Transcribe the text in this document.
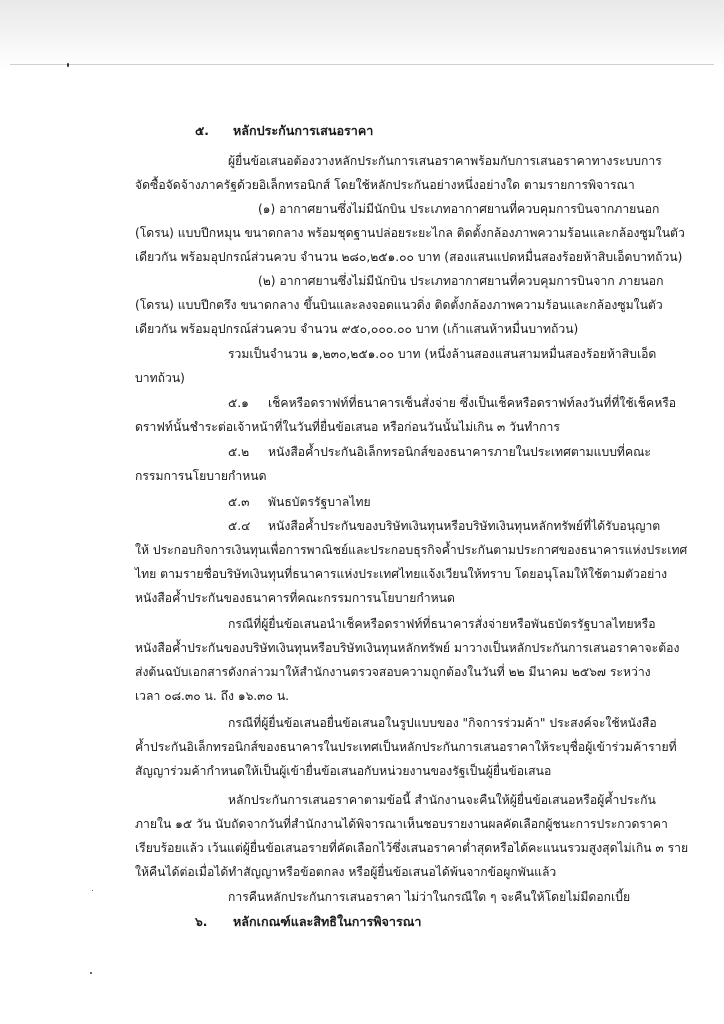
๕. หลักประกันการเสนอราคา
ผู้ยื่นข้อเสนอต้องวางหลักประกันการเสนอราคาพร้อมกับการเสนอราคาทางระบบการ
จัดซื้อจัดจ้างภาครัฐด้วยอิเล็กทรอนิกส์ โดยใช้หลักประกันอย่างหนึ่งอย่างใด ตามรายการพิจารณา
(๑) อากาศยานซึ่งไม่มีนักบิน ประเภทอากาศยานที่ควบคุมการบินจากภายนอก
(โดรน) แบบปีกหมุน ขนาดกลาง พร้อมชุดฐานปล่อยระยะไกล ติดตั้งกล้องภาพความร้อนและกล้องซูมในตัว
เดียวกัน พร้อมอุปกรณ์ส่วนควบ จำนวน ๒๘๐,๒๕๑.๐๐ บาท (สองแสนแปดหมื่นสองร้อยห้าสิบเอ็ดบาทถ้วน)
(๒) อากาศยานซึ่งไม่มีนักบิน ประเภทอากาศยานที่ควบคุมการบินจาก ภายนอก
(โดรน) แบบปีกตรึง ขนาดกลาง ขึ้นบินและลงจอดแนวดิ่ง ติดตั้งกล้องภาพความร้อนและกล้องซูมในตัว
เดียวกัน พร้อมอุปกรณ์ส่วนควบ จำนวน ๙๕๐,๐๐๐.๐๐ บาท (เก้าแสนห้าหมื่นบาทถ้วน)
รวมเป็นจำนวน ๑,๒๓๐,๒๕๑.๐๐ บาท (หนึ่งล้านสองแสนสามหมื่นสองร้อยห้าสิบเอ็ด
บาทถ้วน)
๕.๑ เช็คหรือดราฟท์ที่ธนาคารเซ็นสั่งจ่าย ซึ่งเป็นเช็คหรือดราฟท์ลงวันที่ที่ใช้เช็คหรือ
ดราฟท์นั้นชำระต่อเจ้าหน้าที่ในวันที่ยื่นข้อเสนอ หรือก่อนวันนั้นไม่เกิน ๓ วันทำการ
๕.๒ หนังสือค้ำประกันอิเล็กทรอนิกส์ของธนาคารภายในประเทศตามแบบที่คณะ
กรรมการนโยบายกำหนด
๕.๓ พันธบัตรรัฐบาลไทย
๕.๔ หนังสือค้ำประกันของบริษัทเงินทุนหรือบริษัทเงินทุนหลักทรัพย์ที่ได้รับอนุญาต
ให้ ประกอบกิจการเงินทุนเพื่อการพาณิชย์และประกอบธุรกิจค้ำประกันตามประกาศของธนาคารแห่งประเทศ
ไทย ตามรายชื่อบริษัทเงินทุนที่ธนาคารแห่งประเทศไทยแจ้งเวียนให้ทราบ โดยอนุโลมให้ใช้ตามตัวอย่าง
หนังสือค้ำประกันของธนาคารที่คณะกรรมการนโยบายกำหนด
กรณีที่ผู้ยื่นข้อเสนอนำเช็คหรือดราฟท์ที่ธนาคารสั่งจ่ายหรือพันธบัตรรัฐบาลไทยหรือ
หนังสือค้ำประกันของบริษัทเงินทุนหรือบริษัทเงินทุนหลักทรัพย์ มาวางเป็นหลักประกันการเสนอราคาจะต้อง
ส่งต้นฉบับเอกสารดังกล่าวมาให้สำนักงานตรวจสอบความถูกต้องในวันที่ ๒๒ มีนาคม ๒๕๖๗ ระหว่าง
เวลา ๐๘.๓๐ น. ถึง ๑๖.๓๐ น.
กรณีที่ผู้ยื่นข้อเสนอยื่นข้อเสนอในรูปแบบของ "กิจการร่วมค้า" ประสงค์จะใช้หนังสือ
ค้ำประกันอิเล็กทรอนิกส์ของธนาคารในประเทศเป็นหลักประกันการเสนอราคาให้ระบุชื่อผู้เข้าร่วมค้ารายที่
สัญญาร่วมค้ากำหนดให้เป็นผู้เข้ายื่นข้อเสนอกับหน่วยงานของรัฐเป็นผู้ยื่นข้อเสนอ
หลักประกันการเสนอราคาตามข้อนี้ สำนักงานจะคืนให้ผู้ยื่นข้อเสนอหรือผู้ค้ำประกัน
ภายใน ๑๕ วัน นับถัดจากวันที่สำนักงานได้พิจารณาเห็นชอบรายงานผลคัดเลือกผู้ชนะการประกวดราคา
เรียบร้อยแล้ว เว้นแต่ผู้ยื่นข้อเสนอรายที่คัดเลือกไว้ซึ่งเสนอราคาต่ำสุดหรือได้คะแนนรวมสูงสุดไม่เกิน ๓ ราย
ให้คืนได้ต่อเมื่อได้ทำสัญญาหรือข้อตกลง หรือผู้ยื่นข้อเสนอได้พ้นจากข้อผูกพันแล้ว
การคืนหลักประกันการเสนอราคา ไม่ว่าในกรณีใด ๆ จะคืนให้โดยไม่มีดอกเบี้ย
๖. หลักเกณฑ์และสิทธิในการพิจารณา
